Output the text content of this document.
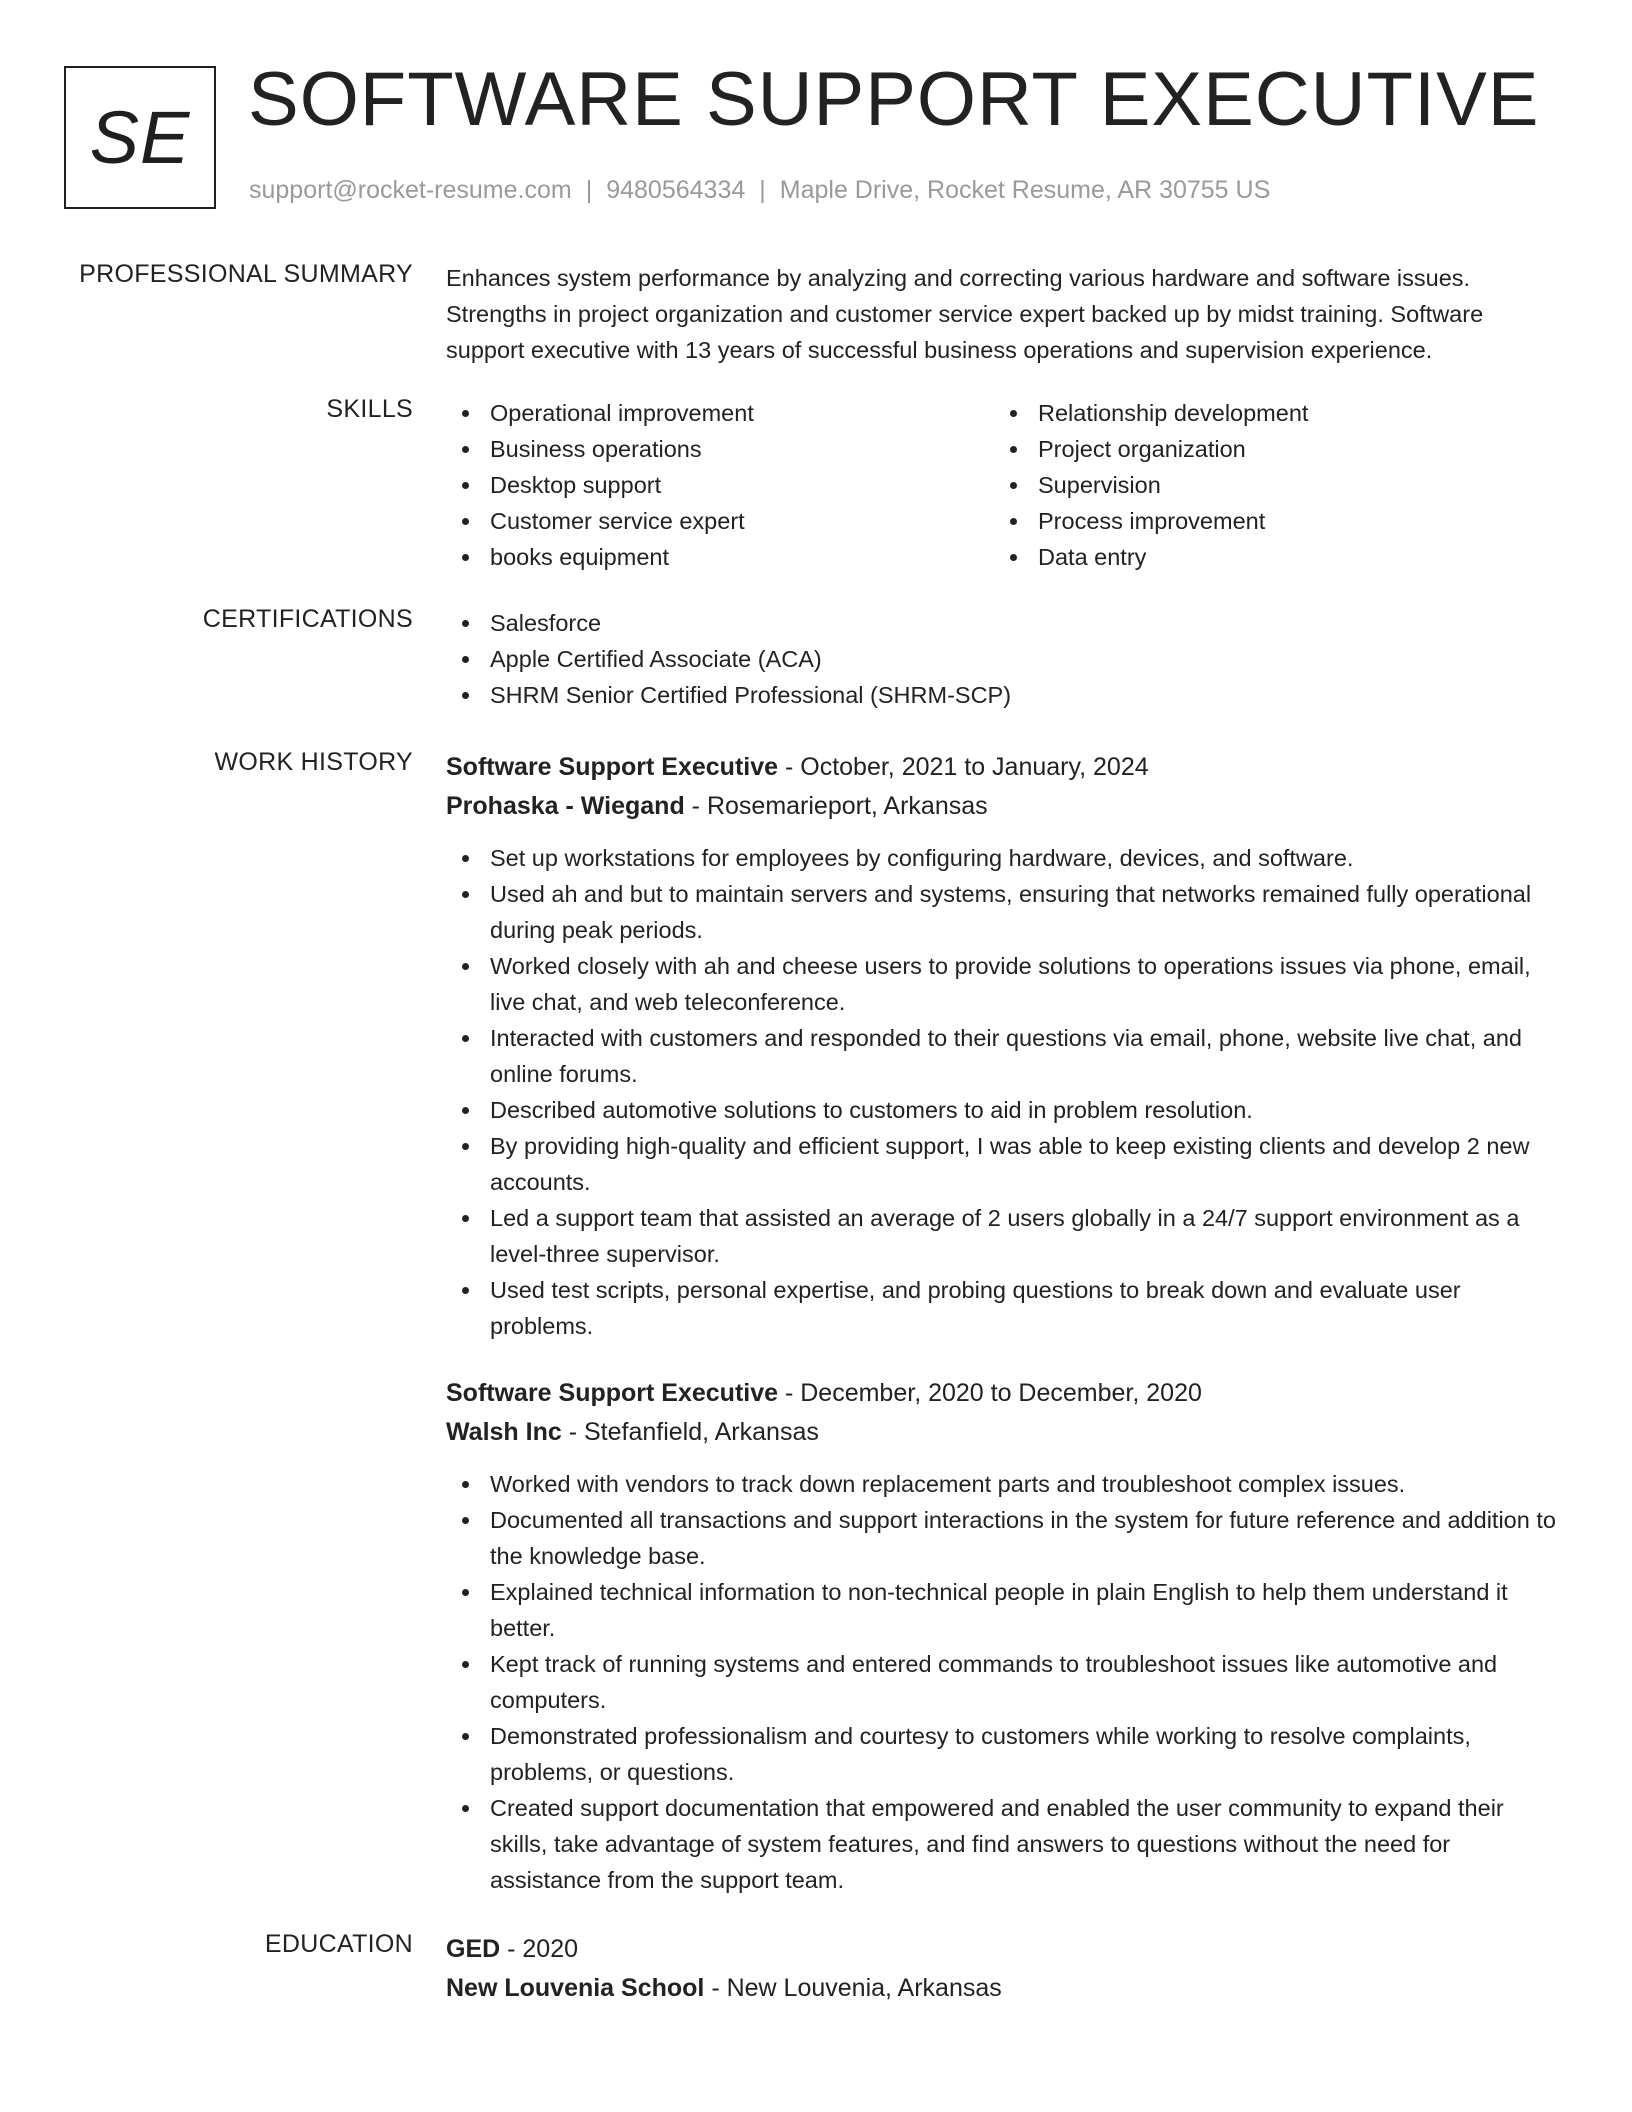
SE SOFTWARE SUPPORT EXECUTIVE
support@rocket-resume.com | 9480564334 | Maple Drive, Rocket Resume, AR 30755 US
PROFESSIONAL SUMMARY Enhances system performance by analyzing and correcting various hardware and software issues. Strengths in project organization and customer service expert backed up by midst training. Software support executive with 13 years of successful business operations and supervision experience.

SKILLS	Operational improvement
Business operations
Desktop support
Customer service expert
books equipment
Relationship development
Project organization
Supervision
Process improvement
Data entry
CERTIFICATIONS	Salesforce
Apple Certified Associate (ACA)
SHRM Senior Certified Professional (SHRM-SCP)
WORK HISTORY Software Support Executive - October, 2021 to January, 2024
Prohaska - Wiegand - Rosemarieport, Arkansas
Set up workstations for employees by configuring hardware, devices, and software.
Used ah and but to maintain servers and systems, ensuring that networks remained fully operational during peak periods.
Worked closely with ah and cheese users to provide solutions to operations issues via phone, email, live chat, and web teleconference.
Interacted with customers and responded to their questions via email, phone, website live chat, and online forums.
Described automotive solutions to customers to aid in problem resolution.
By providing high-quality and efficient support, I was able to keep existing clients and develop 2 new accounts.
Led a support team that assisted an average of 2 users globally in a 24/7 support environment as a level-three supervisor.
Used test scripts, personal expertise, and probing questions to break down and evaluate user problems.
Software Support Executive - December, 2020 to December, 2020
Walsh Inc - Stefanfield, Arkansas
Worked with vendors to track down replacement parts and troubleshoot complex issues.
Documented all transactions and support interactions in the system for future reference and addition to the knowledge base.
Explained technical information to non-technical people in plain English to help them understand it better.
Kept track of running systems and entered commands to troubleshoot issues like automotive and computers.
Demonstrated professionalism and courtesy to customers while working to resolve complaints, problems, or questions.
Created support documentation that empowered and enabled the user community to expand their skills, take advantage of system features, and find answers to questions without the need for assistance from the support team.
EDUCATION GED - 2020
New Louvenia School - New Louvenia, Arkansas
